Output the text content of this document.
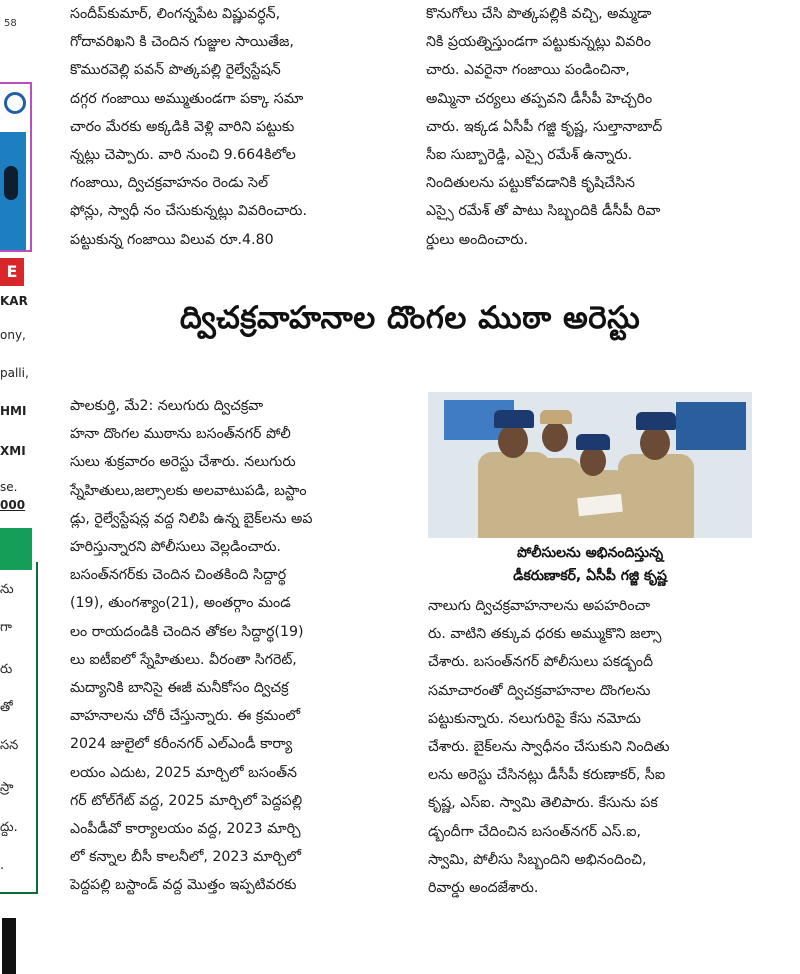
58
E
KAR
ony,
palli,
HMI
XMI
se.
000
ను
గా
రు
తో
సన
స్రా
ద్దు.
.
సందీప్‌కుమార్, లింగన్నపేట విష్ణువర్ధన్,
గోదావరిఖని కి చెందిన గుజ్జుల సాయితేజ,
కొమురవెల్లి పవన్ పొత్కపల్లి రైల్వేస్టేషన్
దగ్గర గంజాయి అమ్ముతుండగా పక్కా సమా
చారం మేరకు అక్కడికి వెళ్లి వారిని పట్టుకు
న్నట్లు చెప్పారు. వారి నుంచి 9.664కిలోల
గంజాయి, ద్విచక్రవాహనం రెండు సెల్
ఫోన్లు, స్వాధీ నం చేసుకున్నట్లు వివరించారు.
పట్టుకున్న గంజాయి విలువ రూ.4.80
కొనుగోలు చేసి పొత్కపల్లికి వచ్చి, అమ్మడా
నికి ప్రయత్నిస్తుండగా పట్టుకున్నట్లు వివరిం
చారు. ఎవరైనా గంజాయి పండించినా,
అమ్మినా చర్యలు తప్పవని డీసీపీ హెచ్చరిం
చారు. ఇక్కడ ఏసీపీ గజ్జి కృష్ణ, సుల్తానాబాద్
సీఐ సుబ్బారెడ్డి, ఎస్సై రమేశ్ ఉన్నారు.
నిందితులను పట్టుకోవడానికి కృషిచేసిన
ఎస్సై రమేశ్ తో పాటు సిబ్బందికి డీసీపీ రివా
ర్డులు అందించారు.
ద్విచక్రవాహనాల దొంగల ముఠా అరెస్టు
పాలకుర్తి, మే2: నలుగురు ద్విచక్రవా
హనా దొంగల ముఠాను బసంత్‌నగర్ పోలీ
సులు శుక్రవారం అరెస్టు చేశారు. నలుగురు
స్నేహితులు,జల్సాలకు అలవాటుపడి, బస్టాం
డ్లు, రైల్వేస్టేషన్ల వద్ద నిలిపి ఉన్న బైక్‌లను అప
హరిస్తున్నారని పోలీసులు వెల్లడించారు.
బసంత్‌నగర్‌కు చెందిన చింతకింది సిద్దార్థ
(19), తుంగశ్యాం(21), అంతర్గాం మండ
లం రాయదండికి చెందిన తోకల సిద్దార్థ(19)
లు ఐటీఐలో స్నేహితులు. వీరంతా సిగరెట్,
మద్యానికి బానిసై ఈజీ మనీకోసం ద్విచక్ర
వాహనాలను చోరీ చేస్తున్నారు. ఈ క్రమంలో
2024 జులైలో కరీంనగర్ ఎల్ఎండీ కార్యా
లయం ఎదుట, 2025 మార్చిలో బసంత్‌న
గర్ టోల్‌గేట్ వద్ద, 2025 మార్చిలో పెద్దపల్లి
ఎంపీడీవో కార్యాలయం వద్ద, 2023 మార్చి
లో కన్నాల బీసీ కాలనీలో, 2023 మార్చిలో
పెద్దపల్లి బస్టాండ్ వద్ద మొత్తం ఇప్పటివరకు
పోలీసులను అభినందిస్తున్న
డీకరుణాకర్, ఏసీపీ గజ్జి కృష్ణ
నాలుగు ద్విచక్రవాహనాలను అపహరించా
రు. వాటిని తక్కువ ధరకు అమ్ముకొని జల్సా
చేశారు. బసంత్‌నగర్ పోలీసులు పకడ్బందీ
సమాచారంతో ద్విచక్రవాహనాల దొంగలను
పట్టుకున్నారు. నలుగురిపై కేసు నమోదు
చేశారు. బైక్‌లను స్వాధీనం చేసుకుని నిందితు
లను అరెస్టు చేసినట్లు డీసీపీ కరుణాకర్, సీఐ
కృష్ణ, ఎస్ఐ. స్వామి తెలిపారు. కేసును పక
డ్బందీగా చేదించిన బసంత్‌నగర్ ఎస్.ఐ,
స్వామి, పోలీసు సిబ్బందిని అభినందించి,
రివార్డు అందజేశారు.
